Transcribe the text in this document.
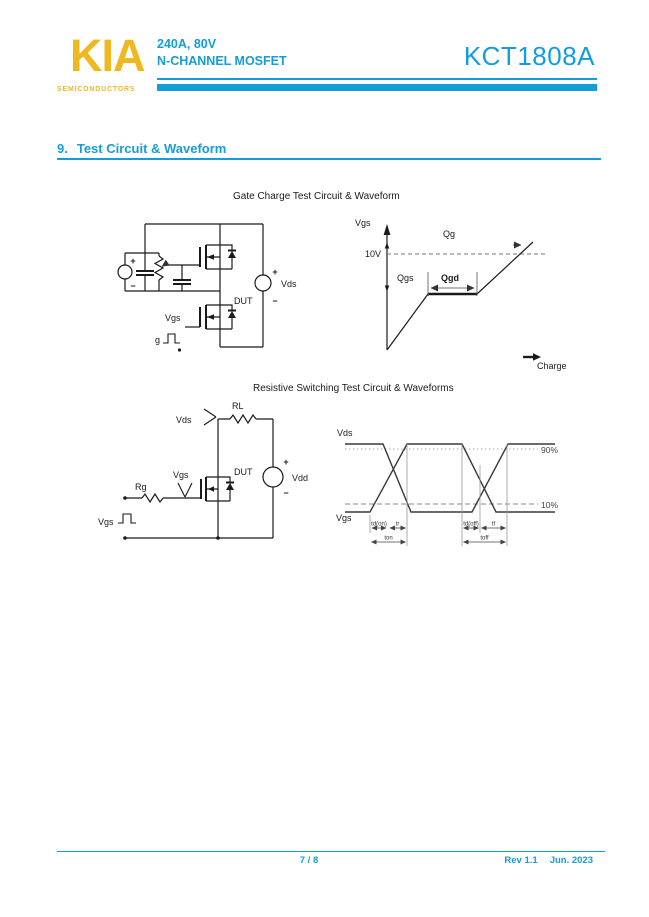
KIA
SEMICONDUCTORS
240A, 80V
N-CHANNEL MOSFET	KCT1808A
9. Test Circuit & Waveform
Gate Charge Test Circuit & Waveform
+
−
Vgs
g
DUT
+
Vds
−
Vgs
10V
Qg
Qgs	Qgd
Charge
Resistive Switching Test Circuit & Waveforms
RL
Vds
DUT
Rg
Vgs
Vgs
+
Vdd
−
Vds
Vgs
90%
10%
td(on) tr	td(off) tf
ton	toff
7 / 8	Rev 1.1 Jun. 2023
